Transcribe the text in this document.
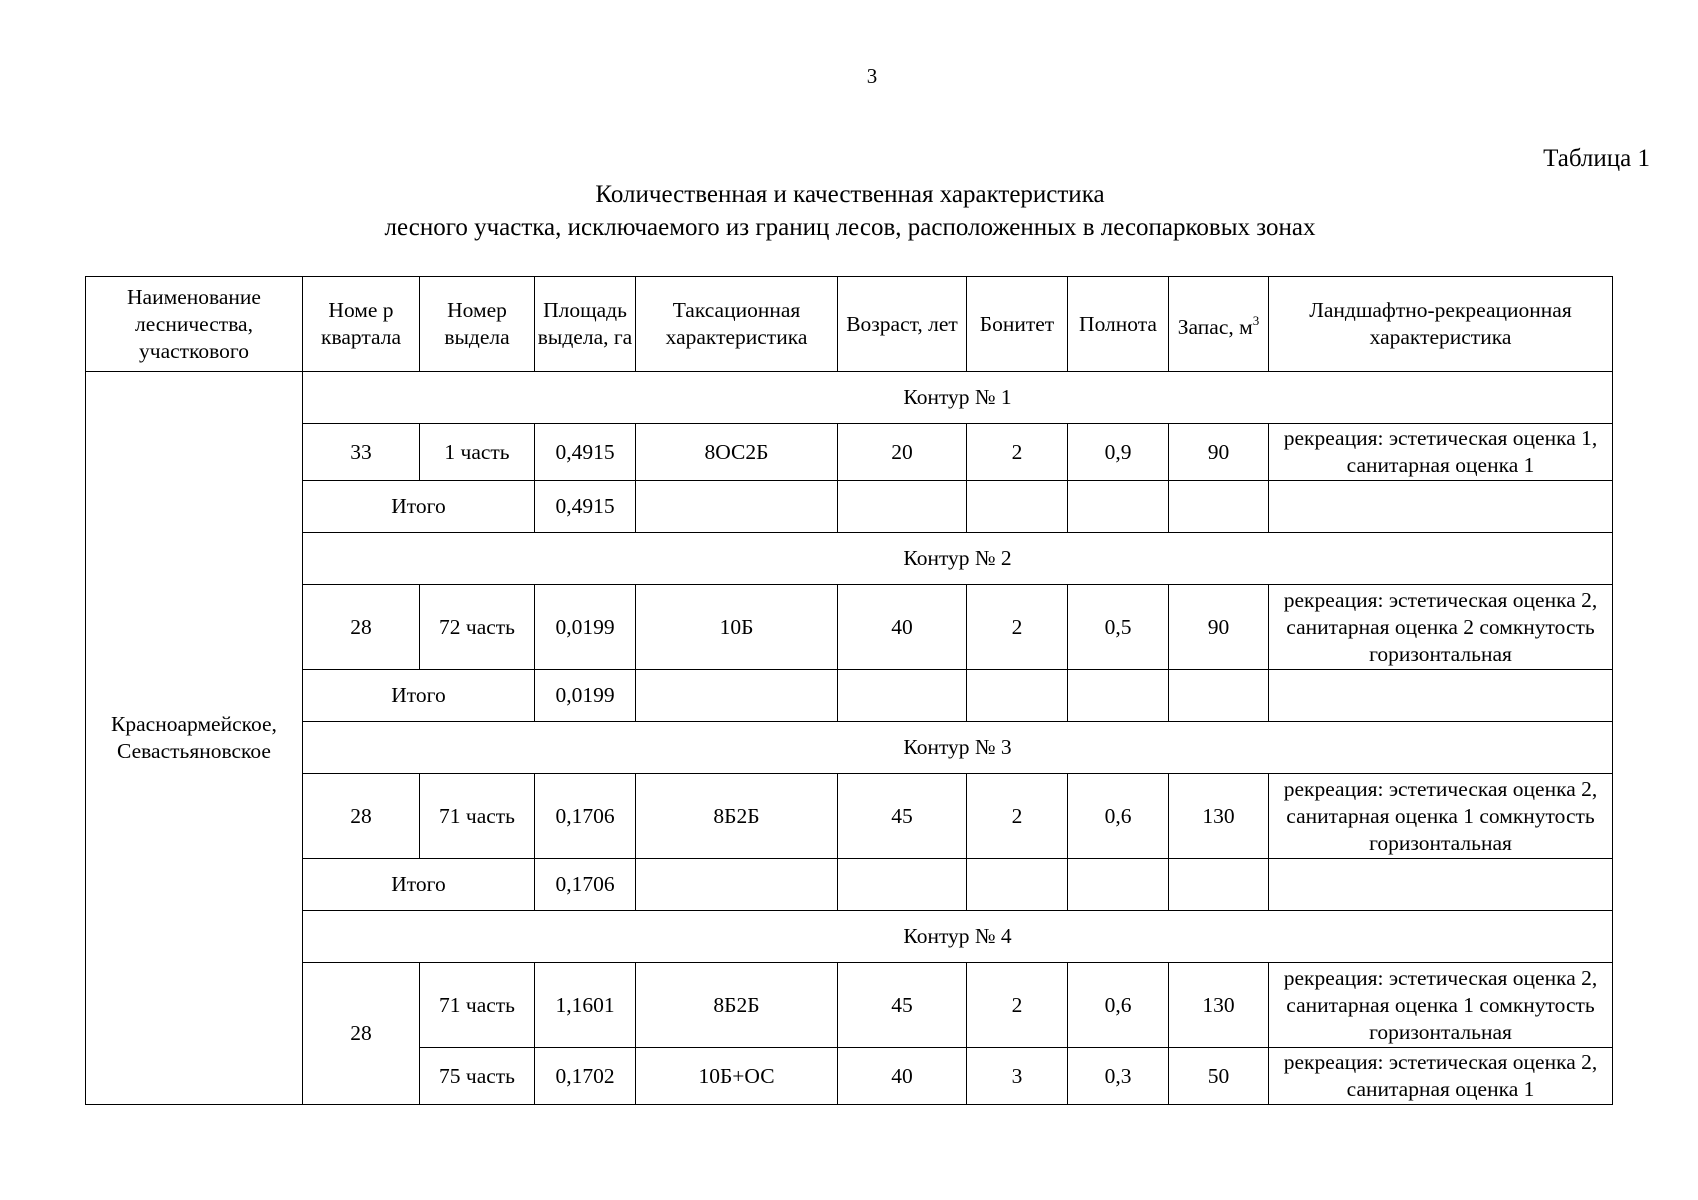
3
Таблица 1
Количественная и качественная характеристика
лесного участка, исключаемого из границ лесов, расположенных в лесопарковых зонах
Наименование лесничества, участкового	Номе р квартала	Номер выдела	Площадь выдела, га	Таксационная характеристика	Возраст, лет	Бонитет	Полнота	Запас, $м^3$	Ландшафтно-рекреационная характеристика
Красноармейское, Севастьяновское	Контур № 1								
	33	1 часть	0,4915	8ОС2Б	20	2	0,9	90	рекреация: эстетическая оценка 1, санитарная оценка 1
	Итого		0,4915						
	Контур № 2								
	28	72 часть	0,0199	10Б	40	2	0,5	90	рекреация: эстетическая оценка 2, санитарная оценка 2 сомкнутость горизонтальная
	Итого		0,0199						
	Контур № 3								
	28	71 часть	0,1706	8Б2Б	45	2	0,6	130	рекреация: эстетическая оценка 2, санитарная оценка 1 сомкнутость горизонтальная
	Итого		0,1706						
	Контур № 4								
	28	71 часть	1,1601	8Б2Б	45	2	0,6	130	рекреация: эстетическая оценка 2, санитарная оценка 1 сомкнутость горизонтальная
		75 часть	0,1702	10Б+ОС	40	3	0,3	50	рекреация: эстетическая оценка 2, санитарная оценка 1
